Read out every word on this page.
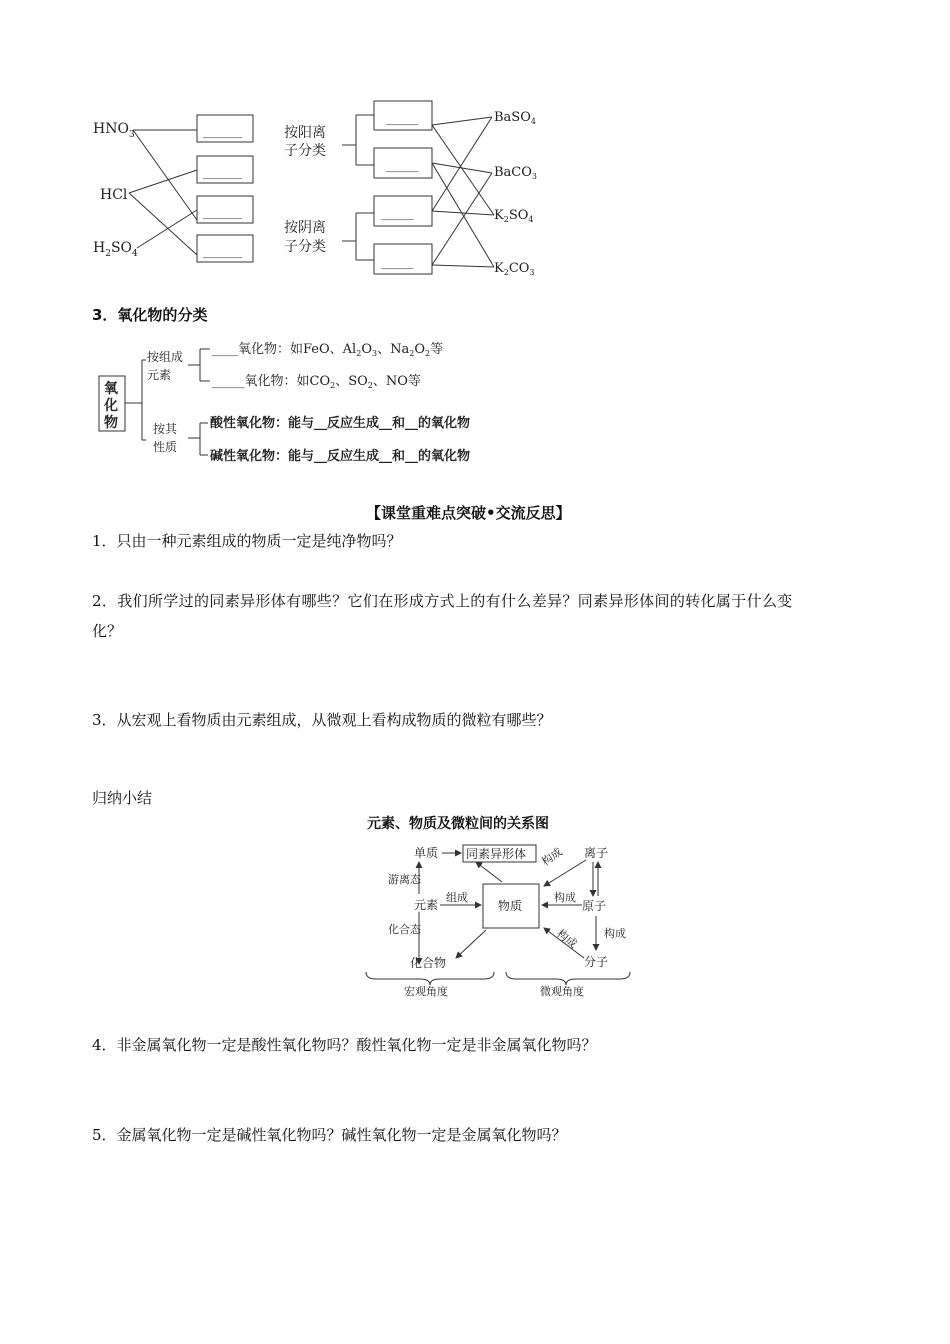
$HNO_3$
HCl
$H_2SO_4$
______
______
______
______
按阳离
子分类
按阴离
子分类
_____
_____
_____
_____
BaSO$_4$
BaCO$_3$
$K_2SO_4$
$K_2CO_3$
3．氧化物的分类
氧
化
物
按组成
元素
按其
性质
____氧化物：如FeO、$Al_2O_3$、$Na_2O_2$等
_____氧化物：如$CO_2$、$SO_2$、NO等
酸性氧化物：能与__反应生成__和__的氧化物
碱性氧化物：能与__反应生成__和__的氧化物
【课堂重难点突破•交流反思】
1．只由一种元素组成的物质一定是纯净物吗？
2．我们所学过的同素异形体有哪些？它们在形成方式上的有什么差异？同素异形体间的转化属于什么变
化？
3．从宏观上看物质由元素组成，从微观上看构成物质的微粒有哪些？
归纳小结
元素、物质及微粒间的关系图
单质 同素异形体
元素	物质
化合物
离子
原子
分子
游离态
化合态
组成	构成
构成
构成
构成
宏观角度	微观角度
4．非金属氧化物一定是酸性氧化物吗？酸性氧化物一定是非金属氧化物吗？
5．金属氧化物一定是碱性氧化物吗？碱性氧化物一定是金属氧化物吗？
